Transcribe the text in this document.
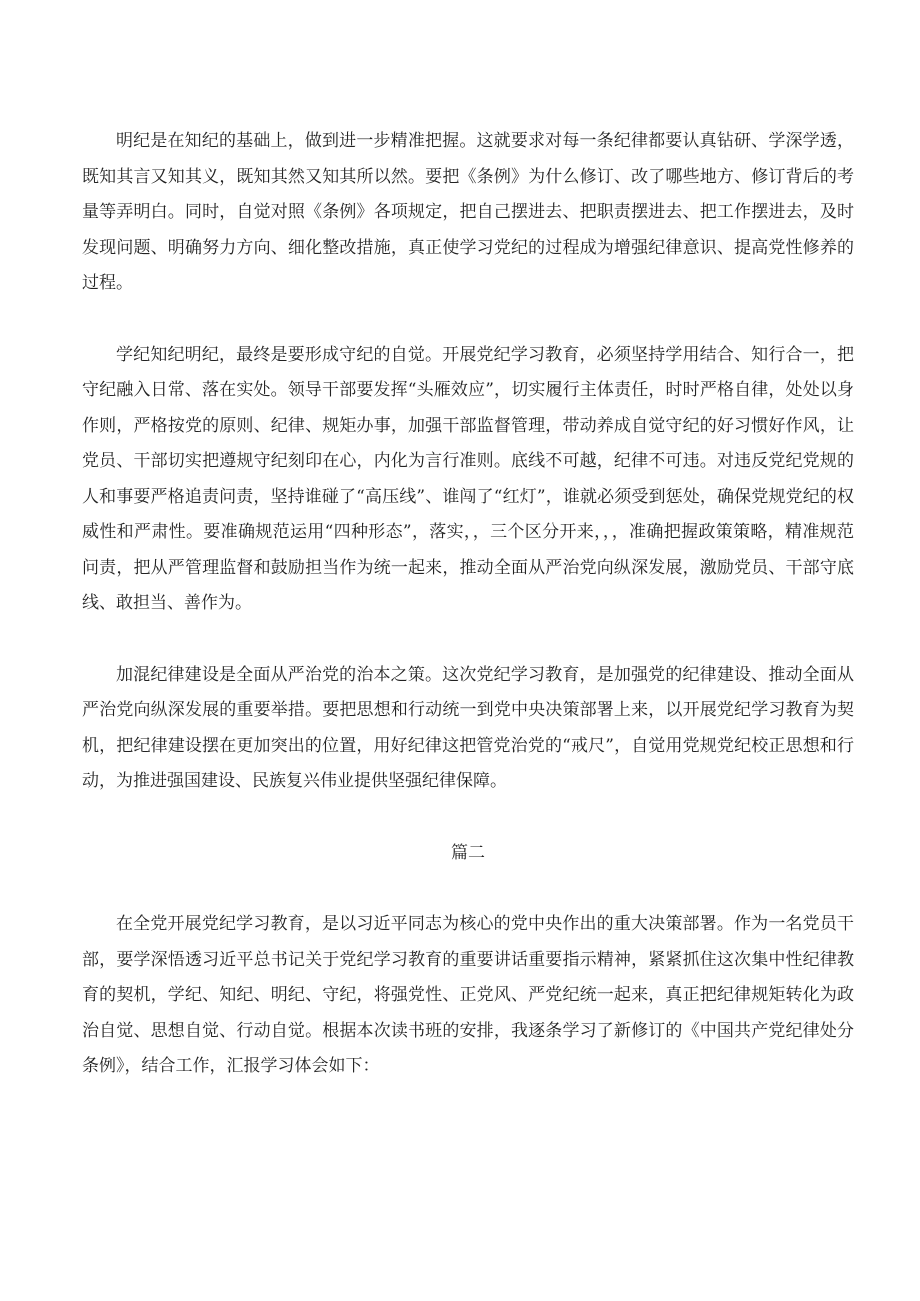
明纪是在知纪的基础上，做到进一步精准把握。这就要求对每一条纪律都要认真钻研、学深学透，既知其言又知其义，既知其然又知其所以然。要把《条例》为什么修订、改了哪些地方、修订背后的考量等弄明白。同时，自觉对照《条例》各项规定，把自己摆进去、把职责摆进去、把工作摆进去，及时发现问题、明确努力方向、细化整改措施，真正使学习党纪的过程成为增强纪律意识、提高党性修养的过程。

学纪知纪明纪，最终是要形成守纪的自觉。开展党纪学习教育，必须坚持学用结合、知行合一，把守纪融入日常、落在实处。领导干部要发挥“头雁效应”，切实履行主体责任，时时严格自律，处处以身作则，严格按党的原则、纪律、规矩办事，加强干部监督管理，带动养成自觉守纪的好习惯好作风，让党员、干部切实把遵规守纪刻印在心，内化为言行准则。底线不可越，纪律不可违。对违反党纪党规的人和事要严格追责问责，坚持谁碰了“高压线”、谁闯了“红灯”，谁就必须受到惩处，确保党规党纪的权威性和严肃性。要准确规范运用“四种形态”，落实，，三个区分开来，，，准确把握政策策略，精准规范问责，把从严管理监督和鼓励担当作为统一起来，推动全面从严治党向纵深发展，激励党员、干部守底线、敢担当、善作为。

加混纪律建设是全面从严治党的治本之策。这次党纪学习教育，是加强党的纪律建设、推动全面从严治党向纵深发展的重要举措。要把思想和行动统一到党中央决策部署上来，以开展党纪学习教育为契机，把纪律建设摆在更加突出的位置，用好纪律这把管党治党的“戒尺”，自觉用党规党纪校正思想和行动，为推进强国建设、民族复兴伟业提供坚强纪律保障。

篇二

在全党开展党纪学习教育，是以习近平同志为核心的党中央作出的重大决策部署。作为一名党员干部，要学深悟透习近平总书记关于党纪学习教育的重要讲话重要指示精神，紧紧抓住这次集中性纪律教育的契机，学纪、知纪、明纪、守纪，将强党性、正党风、严党纪统一起来，真正把纪律规矩转化为政治自觉、思想自觉、行动自觉。根据本次读书班的安排，我逐条学习了新修订的《中国共产党纪律处分条例》，结合工作，汇报学习体会如下：
